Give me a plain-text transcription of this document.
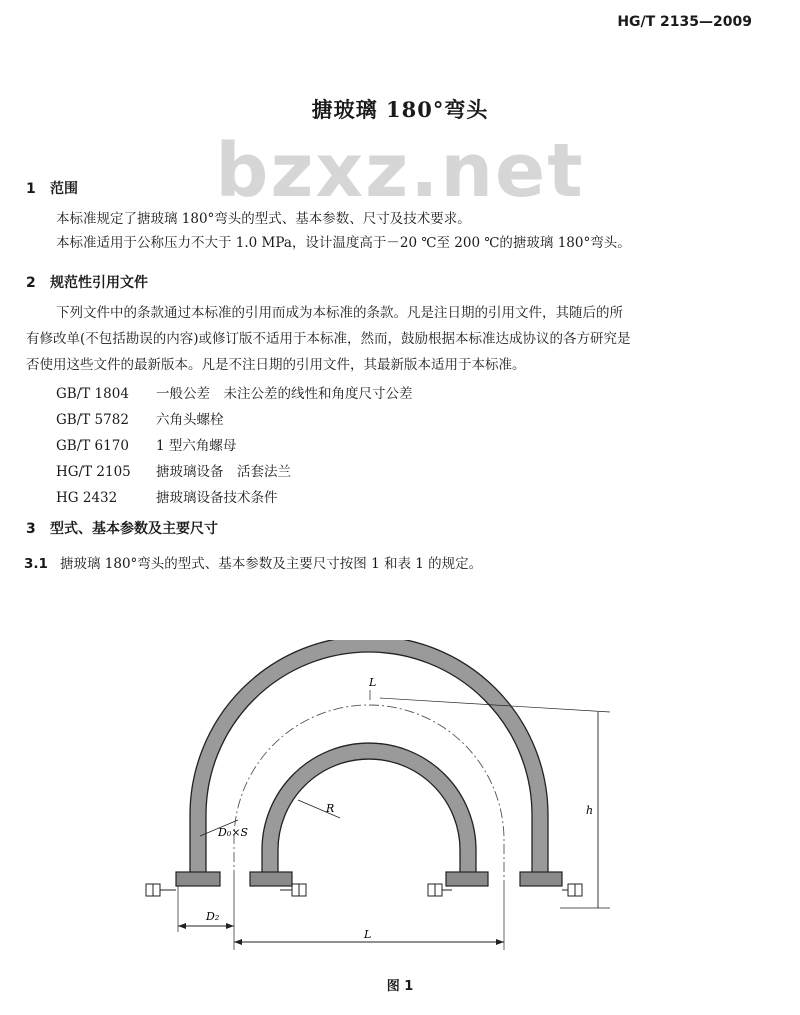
HG/T 2135—2009
搪玻璃 180°弯头
bzxz.net
1 范围
本标准规定了搪玻璃 180°弯头的型式、基本参数、尺寸及技术要求。
本标准适用于公称压力不大于 1.0 MPa，设计温度高于－20 ℃至 200 ℃的搪玻璃 180°弯头。
2 规范性引用文件
下列文件中的条款通过本标准的引用而成为本标准的条款。凡是注日期的引用文件，其随后的所
有修改单(不包括勘误的内容)或修订版不适用于本标准，然而，鼓励根据本标准达成协议的各方研究是
否使用这些文件的最新版本。凡是不注日期的引用文件，其最新版本适用于本标准。
GB/T 1804 一般公差　未注公差的线性和角度尺寸公差
GB/T 5782 六角头螺栓
GB/T 6170 1 型六角螺母
HG/T 2105 搪玻璃设备　活套法兰
HG 2432	搪玻璃设备技术条件
3 型式、基本参数及主要尺寸
3.1 搪玻璃 180°弯头的型式、基本参数及主要尺寸按图 1 和表 1 的规定。
h
L
L
D₂
R
D₀×S
图 1
